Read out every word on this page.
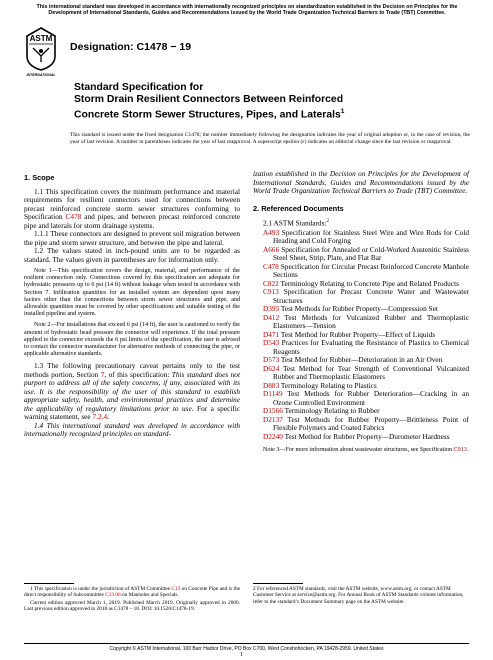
This international standard was developed in accordance with internationally recognized principles on standardization established in the Decision on Principles for the Development of International Standards, Guides and Recommendations issued by the World Trade Organization Technical Barriers to Trade (TBT) Committee.
ASTM
INTERNATIONAL
Designation: C1478 − 19
Standard Specification for
Storm Drain Resilient Connectors Between Reinforced
Concrete Storm Sewer Structures, Pipes, and Laterals$^1$
This standard is issued under the fixed designation C1478; the number immediately following the designation indicates the year of original adoption or, in the case of revision, the year of last revision. A number in parentheses indicates the year of last reapproval. A superscript epsilon (ε) indicates an editorial change since the last revision or reapproval.
1. Scope

1.1 This specification covers the minimum performance and material requirements for resilient connectors used for connections between precast reinforced concrete storm sewer structures conforming to Specification C478 and pipes, and between precast reinforced concrete pipe and laterals for storm drainage systems.

1.1.1 These connectors are designed to prevent soil migration between the pipe and storm sewer structure, and between the pipe and lateral.

1.2 The values stated in inch-pound units are to be regarded as standard. The values given in parentheses are for information only.

Note 1—This specification covers the design, material, and performance of the resilient connection only. Connections covered by this specification are adequate for hydrostatic pressures up to 6 psi (14 ft) without leakage when tested in accordance with Section 7. Infiltration quantities for an installed system are dependent upon many factors other than the connections between storm sewer structures and pipe, and allowable quantities must be covered by other specifications and suitable testing of the installed pipeline and system.

Note 2—For installations that exceed 6 psi (14 ft), the user is cautioned to verify the amount of hydrostatic head pressure the connector will experience. If the total pressure applied to the connector exceeds the 6 psi limits of the specification, the user is advised to contact the connector manufacturer for alternative methods of connecting the pipe, or applicable alternative standards.

1.3 The following precautionary caveat pertains only to the test methods portion, Section 7, of this specification: This standard does not purport to address all of the safety concerns, if any, associated with its use. It is the responsibility of the user of this standard to establish appropriate safety, health, and environmental practices and determine the applicability of regulatory limitations prior to use. For a specific warning statement, see 7.2.4.

1.4 This international standard was developed in accordance with internationally recognized principles on standard-

ization established in the Decision on Principles for the Development of International Standards, Guides and Recommendations issued by the World Trade Organization Technical Barriers to Trade (TBT) Committee.

2. Referenced Documents

2.1 ASTM Standards:$^2$

A493 Specification for Stainless Steel Wire and Wire Rods for Cold Heading and Cold Forging

A666 Specification for Annealed or Cold-Worked Austenitic Stainless Steel Sheet, Strip, Plate, and Flat Bar

C478 Specification for Circular Precast Reinforced Concrete Manhole Sections

C822 Terminology Relating to Concrete Pipe and Related Products

C913 Specification for Precast Concrete Water and Wastewater Structures

D395 Test Methods for Rubber Property—Compression Set

D412 Test Methods for Vulcanized Rubber and Thermoplastic Elastomers—Tension

D471 Test Method for Rubber Property—Effect of Liquids

D543 Practices for Evaluating the Resistance of Plastics to Chemical Reagents

D573 Test Method for Rubber—Deterioration in an Air Oven

D624 Test Method for Tear Strength of Conventional Vulcanized Rubber and Thermoplastic Elastomers

D883 Terminology Relating to Plastics

D1149 Test Methods for Rubber Deterioration—Cracking in an Ozone Controlled Environment

D1566 Terminology Relating to Rubber

D2137 Test Methods for Rubber Property—Brittleness Point of Flexible Polymers and Coated Fabrics

D2240 Test Method for Rubber Property—Durometer Hardness

Note 3—For more information about wastewater structures, see Specification C913.

1 This specification is under the jurisdiction of ASTM Committee C13 on Concrete Pipe and is the direct responsibility of Subcommittee C13.06 on Manholes and Specials.

Current edition approved March 1, 2019. Published March 2019. Originally approved in 2000. Last previous edition approved in 2018 as C1478 – 18. DOI: 10.1520/C1478-19.

2 For referenced ASTM standards, visit the ASTM website, www.astm.org, or contact ASTM Customer Service at service@astm.org. For Annual Book of ASTM Standards volume information, refer to the standard’s Document Summary page on the ASTM website.
Copyright © ASTM International, 100 Barr Harbor Drive, PO Box C700, West Conshohocken, PA 19428-2959. United States
1
